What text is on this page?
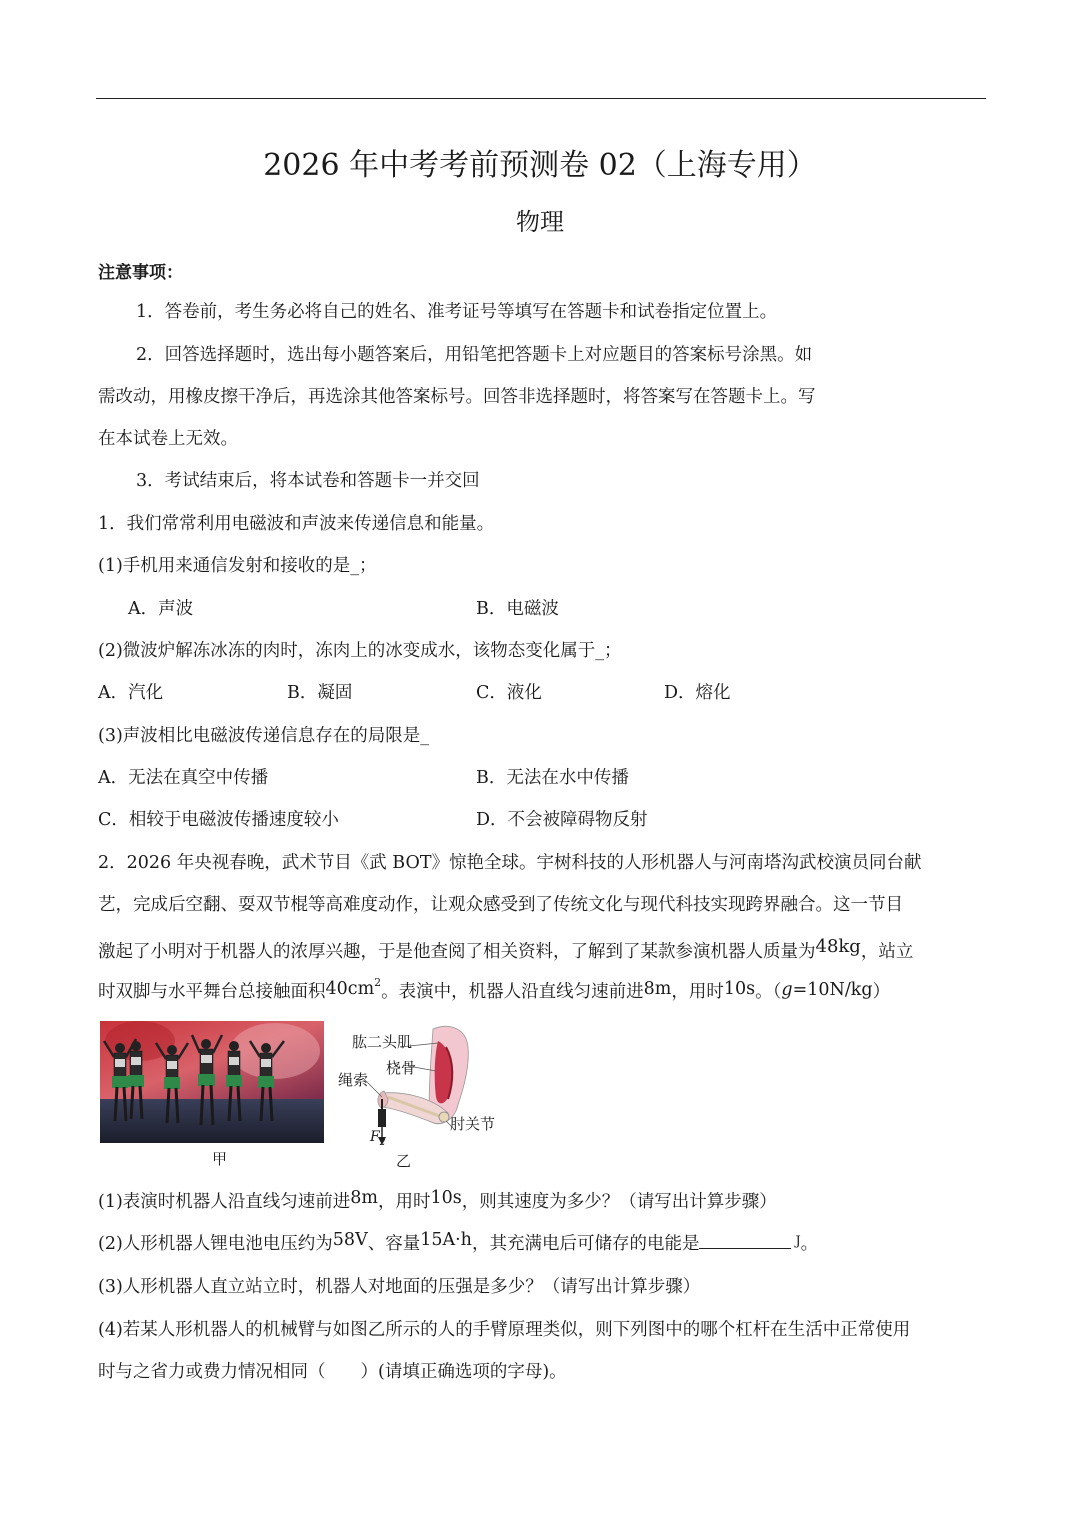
2026 年中考考前预测卷 02（上海专用）
物理
注意事项：
1．答卷前，考生务必将自己的姓名、准考证号等填写在答题卡和试卷指定位置上。
2．回答选择题时，选出每小题答案后，用铅笔把答题卡上对应题目的答案标号涂黑。如
需改动，用橡皮擦干净后，再选涂其他答案标号。回答非选择题时，将答案写在答题卡上。写
在本试卷上无效。
3．考试结束后，将本试卷和答题卡一并交回
1．我们常常利用电磁波和声波来传递信息和能量。
(1)手机用来通信发射和接收的是_；
A．声波	B．电磁波
(2)微波炉解冻冰冻的肉时，冻肉上的冰变成水，该物态变化属于_；
A．汽化	B．凝固	C．液化	D．熔化
(3)声波相比电磁波传递信息存在的局限是_
A．无法在真空中传播	B．无法在水中传播
C．相较于电磁波传播速度较小	D．不会被障碍物反射
2．2026 年央视春晚，武术节目《武 BOT》惊艳全球。宇树科技的人形机器人与河南塔沟武校演员同台献
艺，完成后空翻、耍双节棍等高难度动作，让观众感受到了传统文化与现代科技实现跨界融合。这一节目
激起了小明对于机器人的浓厚兴趣，于是他查阅了相关资料，了解到了某款参演机器人质量为48kg，站立
时双脚与水平舞台总接触面积$40cm^2$。表演中，机器人沿直线匀速前进8m，用时10s。（g=10N/kg）
甲
肱二头肌
桡骨
绳索
肘关节
$F_2$
乙
(1)表演时机器人沿直线匀速前进8m，用时10s，则其速度为多少？（请写出计算步骤）
(2)人形机器人锂电池电压约为58V、容量15A·h，其充满电后可储存的电能是	$^J$。
(3)人形机器人直立站立时，机器人对地面的压强是多少？（请写出计算步骤）
(4)若某人形机器人的机械臂与如图乙所示的人的手臂原理类似，则下列图中的哪个杠杆在生活中正常使用
时与之省力或费力情况相同（　　）(请填正确选项的字母)。
